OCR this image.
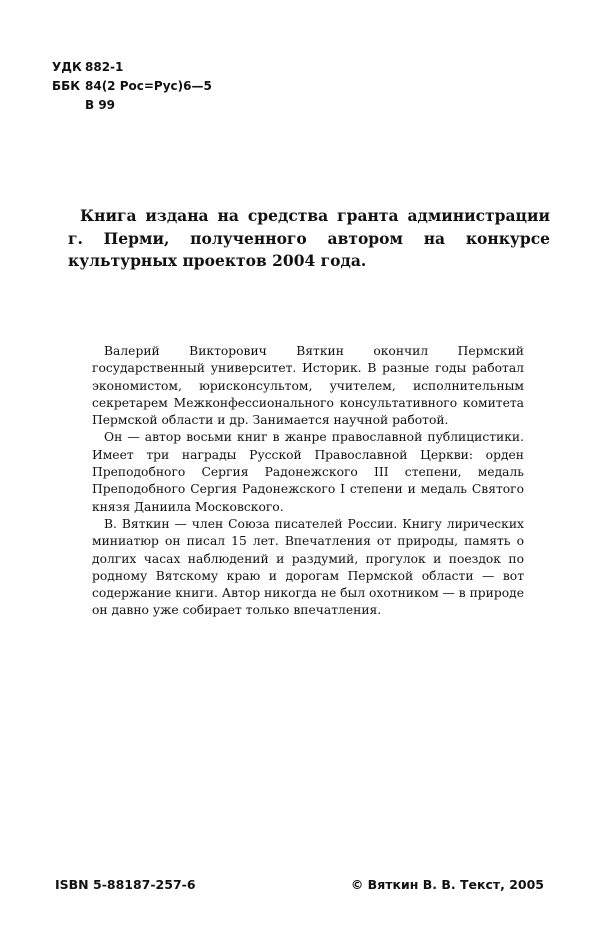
УДК 882-1
ББК 84(2 Рос=Рус)6—5
В 99

Книга издана на средства гранта администрации г. Перми, полученного автором на конкурсе культурных проектов 2004 года.

Валерий Викторович Вяткин окончил Пермский государственный университет. Историк. В разные годы работал экономистом, юрисконсультом, учителем, исполнительным секретарем Межконфессионального консультативного комитета Пермской области и др. Занимается научной работой.

Он — автор восьми книг в жанре православной публицистики. Имеет три награды Русской Православной Церкви: орден Преподобного Сергия Радонежского III степени, медаль Преподобного Сергия Радонежского I степени и медаль Святого князя Даниила Московского.

В. Вяткин — член Союза писателей России. Книгу лирических миниатюр он писал 15 лет. Впечатления от природы, память о долгих часах наблюдений и раздумий, прогулок и поездок по родному Вятскому краю и дорогам Пермской области — вот содержание книги. Автор никогда не был охотником — в природе он давно уже собирает только впечатления.

ISBN 5-88187-257-6	© Вяткин В. В. Текст, 2005
